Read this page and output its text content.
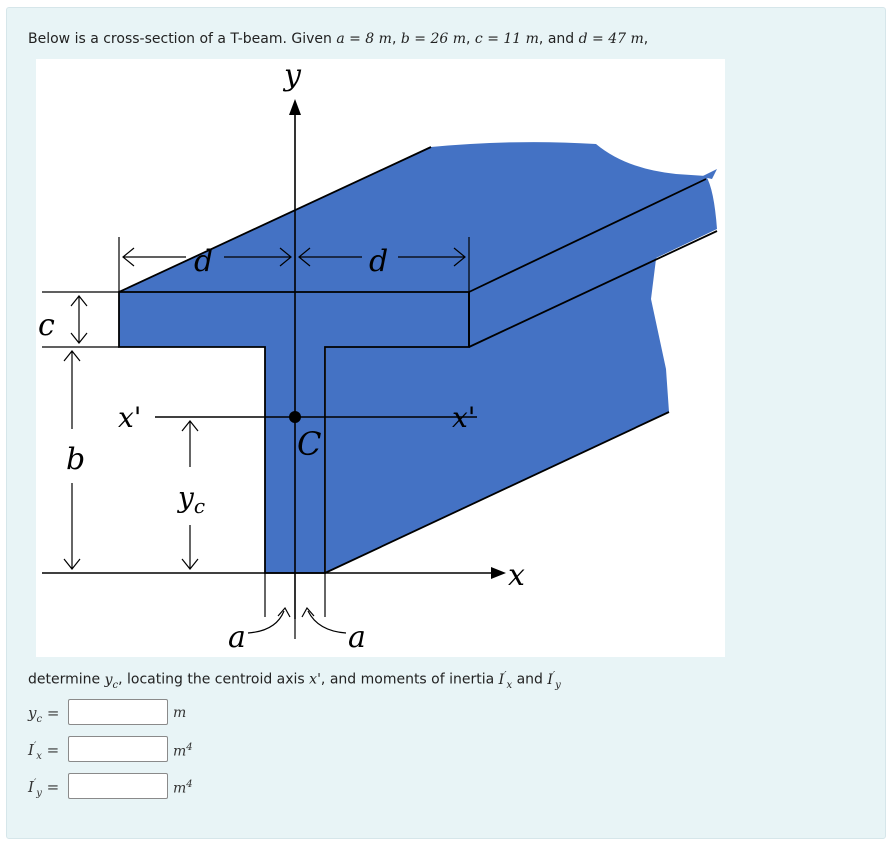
Below is a cross-section of a T-beam. Given a = 8 m, b = 26 m, c = 11 m, and d = 47 m,
y
x
x'	x'
C
d	d
c
b
$y_c$
a	a
determine $y_c$, locating the centroid axis x', and moments of inertia $I'_x$ and $I'_y$
$y_c$ =	m
$I'_x$ =	$m^4$
$I'_y$ =	$m^4$
